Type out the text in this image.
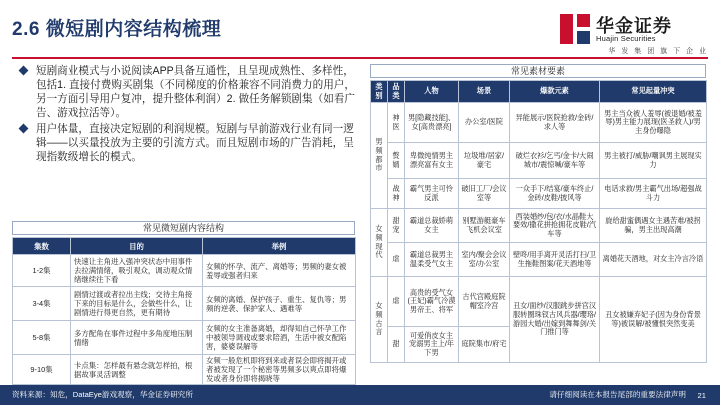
2.6 微短剧内容结构梳理	华金证券
Huajin Securities
华 发 集 团 旗 下 企 业
短剧商业模式与小说阅读APP具备互通性，且呈现成熟性、多样性，包括1. 直接付费购买剧集（不同梯度的价格兼容不同消费力的用户，另一方面引导用户复冲，提升整体利润）2. 做任务解锁剧集（如看广告、游戏拉活等）。
用户体量，直接决定短剧的利润规模。短剧与早前游戏行业有同一逻辑——以买量投放为主要的引流方式。而且短剧市场的广告消耗，呈现指数级增长的模式。
常见微短剧内容结构
集数	目的	举例
1-2集	快速让主角进入强冲突状态中用事件去拉满情绪，吸引观众，调动观众情绪继续往下看	女频的怀孕、流产、离婚等；男频的妻女被羞辱或强者归来
3-4集	剧情过渡或者拉出主线；交待主角接下来的目标是什么，会做些什么，让剧情进行得更自然，更有期待	女频的离婚、保护孩子、重生、复仇等；男频的逆袭、保护家人、遇难等
5-8集	多方配角在事件过程中多角度地压制情绪	女频的女主准备离婚，却得知自己怀孕工作中被领导调戏或要求陪酒，生活中被女配陷害，婆婆误解等
9-10集	卡点集：怎样最有悬念就怎样拍，根据故事灵活调整	女频一般危机即将到来或者误会即将揭开或者被发现了一个秘密等男频多以爽点即将爆发或者身份即将揭晓等
常见素材要素
类别	品类	人物	场景	爆款元素	常见起量冲突
男频都市	神医	男[隐藏技能]、女[高贵漂亮]	办公室/医院	异能展示/医院抢救/金砖/求人等	男主当众被人羞辱(被退婚/被羞辱)男主能力展现(医圣救人)/男主身份曝隐
	赘婿	卑微纯情男主漂亮富有女主	垃圾堆/居家/豪宅	破烂衣衫/乞丐/金卡/大闹城市/震惊喊/豪车等	男主被打/威胁/嘲讽男主展现实力
	战神	霸气男主可怜反派	破旧工厂/会议室等	一众手下/结宴/豪车终止/金砖/皮鞋/披风等	电话求救/男主霸气出场/超强战斗力
女频现代	甜宠	霸道总裁娇萌女主	别墅游艇豪车飞机会议室	西装婚纱/包/衣/水晶鞋大要效/撒花拼抢拥花皮鞋/汽车等	旋给甜蜜偶遇女主遇苦难/被拐骗，男主出现高潮
	虐	霸道总裁男主温柔受气女主	室内/聚会会议室/办公室	壁咚/用手离开灵活打扫/卫生拖鞋图案/花天酒地等	离婚花天酒地，对女主冷言冷语
女频古言	虐	高贵的受气女(王妃)霸气冷漠男帝王、将军	古代宫殿庭院帽室冷宫	丑女/面纱/汉服跳步拼宫汉服转圈珠钗古风兵器/璎珞/游园大婚/出嫁到舞舞剑/关门推门等	丑女被嫌弃妃子(因为身份背景等)被误解/被懂恨突然变美
	甜	可爱俏皮女主宠溺男主上/年下男	庭院集市/府宅		
资料来源：知危，DataEye游戏观察，华金证券研究所	请仔细阅读在本报告尾部的重要法律声明 21
